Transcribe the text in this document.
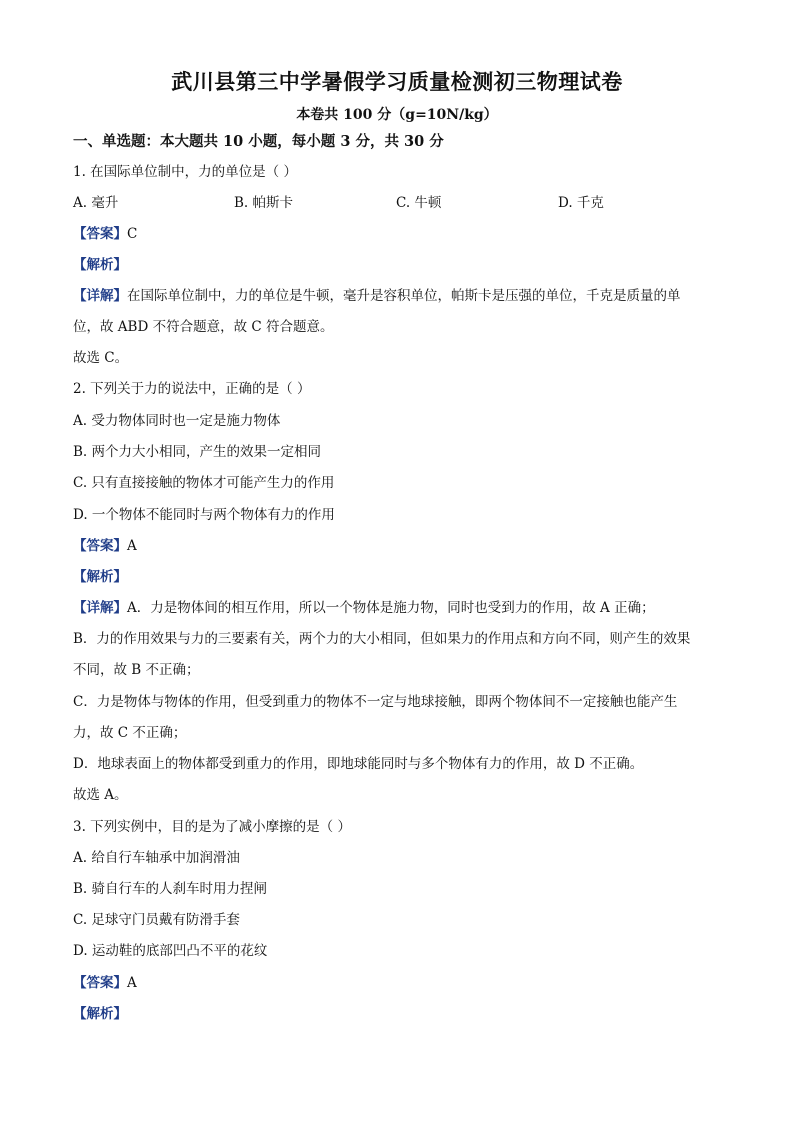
武川县第三中学暑假学习质量检测初三物理试卷
本卷共 100 分（g=10N/kg）
一、单选题：本大题共 10 小题，每小题 3 分，共 30 分
1. 在国际单位制中，力的单位是（ ）
A. 毫升	B. 帕斯卡	C. 牛顿	D. 千克
【答案】C
【解析】
【详解】在国际单位制中，力的单位是牛顿，毫升是容积单位，帕斯卡是压强的单位，千克是质量的单
位，故 ABD 不符合题意，故 C 符合题意。
故选 C。
2. 下列关于力的说法中，正确的是（ ）
A. 受力物体同时也一定是施力物体
B. 两个力大小相同，产生的效果一定相同
C. 只有直接接触的物体才可能产生力的作用
D. 一个物体不能同时与两个物体有力的作用
【答案】A
【解析】
【详解】A．力是物体间的相互作用，所以一个物体是施力物，同时也受到力的作用，故 A 正确；
B．力的作用效果与力的三要素有关，两个力的大小相同，但如果力的作用点和方向不同，则产生的效果
不同，故 B 不正确；
C．力是物体与物体的作用，但受到重力的物体不一定与地球接触，即两个物体间不一定接触也能产生
力，故 C 不正确；
D．地球表面上的物体都受到重力的作用，即地球能同时与多个物体有力的作用，故 D 不正确。
故选 A。
3. 下列实例中，目的是为了减小摩擦的是（ ）
A. 给自行车轴承中加润滑油
B. 骑自行车的人刹车时用力捏闸
C. 足球守门员戴有防滑手套
D. 运动鞋的底部凹凸不平的花纹
【答案】A
【解析】
